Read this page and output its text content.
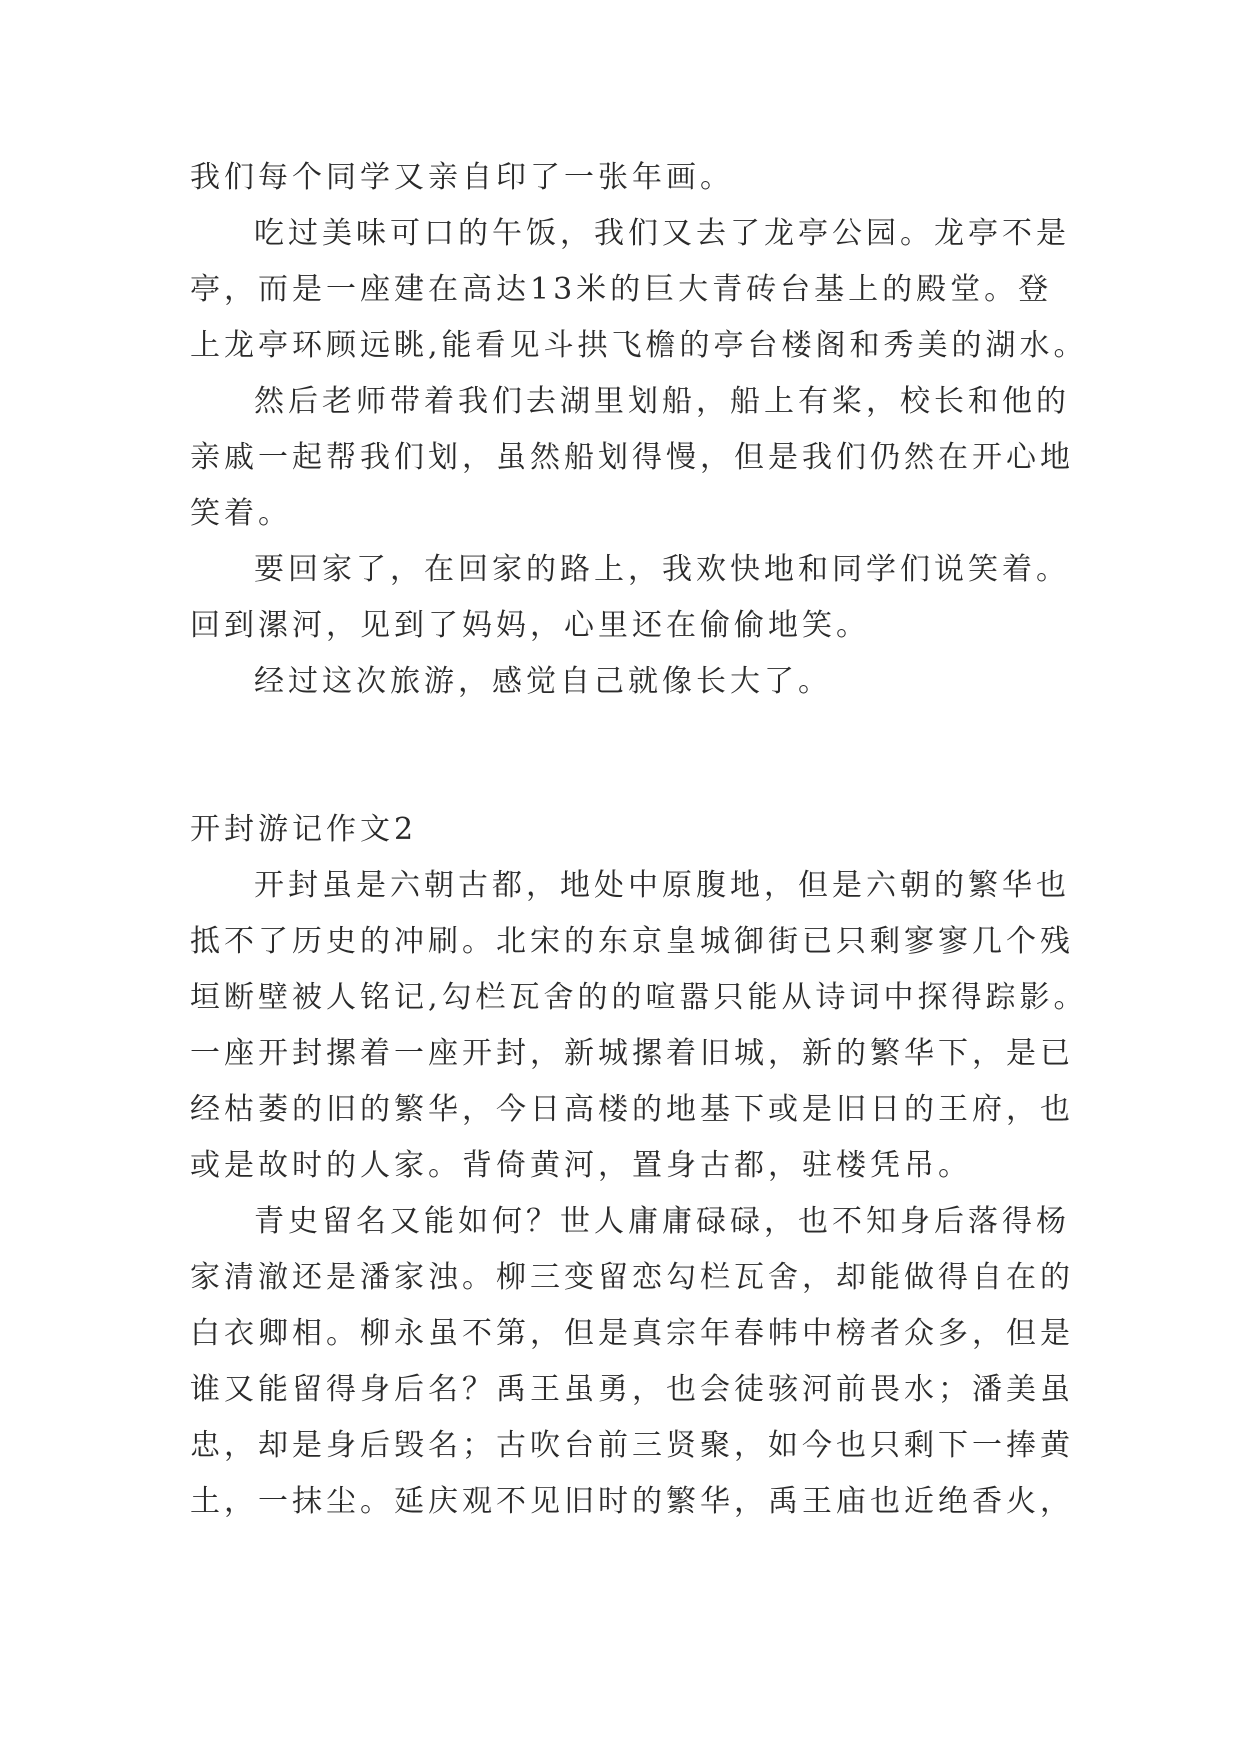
我们每个同学又亲自印了一张年画。
吃过美味可口的午饭，我们又去了龙亭公园。龙亭不是
亭，而是一座建在高达13米的巨大青砖台基上的殿堂。登
上龙亭环顾远眺,能看见斗拱飞檐的亭台楼阁和秀美的湖水。
然后老师带着我们去湖里划船，船上有桨，校长和他的
亲戚一起帮我们划，虽然船划得慢，但是我们仍然在开心地
笑着。
要回家了，在回家的路上，我欢快地和同学们说笑着。
回到漯河，见到了妈妈，心里还在偷偷地笑。
经过这次旅游，感觉自己就像长大了。
开封游记作文2
开封虽是六朝古都，地处中原腹地，但是六朝的繁华也
抵不了历史的冲刷。北宋的东京皇城御街已只剩寥寥几个残
垣断壁被人铭记,勾栏瓦舍的的喧嚣只能从诗词中探得踪影。
一座开封摞着一座开封，新城摞着旧城，新的繁华下，是已
经枯萎的旧的繁华，今日高楼的地基下或是旧日的王府，也
或是故时的人家。背倚黄河，置身古都，驻楼凭吊。
青史留名又能如何？世人庸庸碌碌，也不知身后落得杨
家清澈还是潘家浊。柳三变留恋勾栏瓦舍，却能做得自在的
白衣卿相。柳永虽不第，但是真宗年春帏中榜者众多，但是
谁又能留得身后名？禹王虽勇，也会徒骇河前畏水；潘美虽
忠，却是身后毁名；古吹台前三贤聚，如今也只剩下一捧黄
土，一抹尘。延庆观不见旧时的繁华，禹王庙也近绝香火，
